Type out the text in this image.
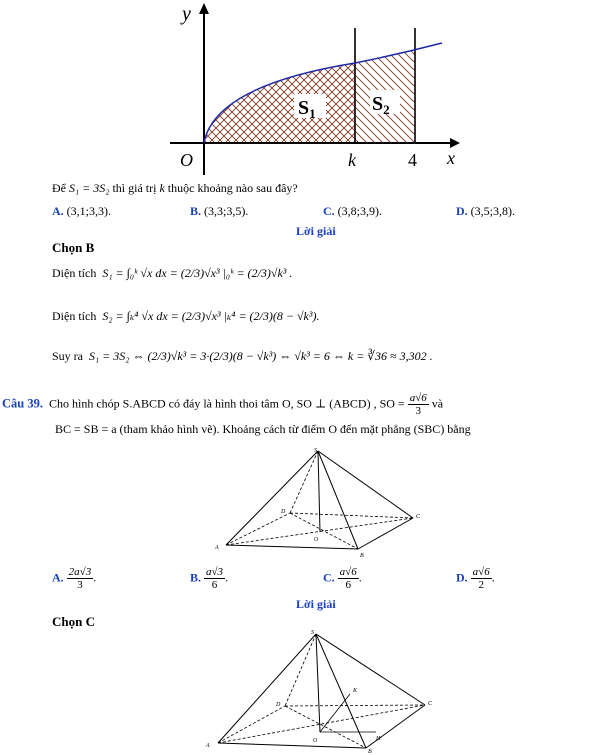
y
x
O	k	4
$S_1$	$S_2$
Để S₁ = 3S₂ thì giá trị k thuộc khoảng nào sau đây?
A. (3,1;3,3).	B. (3,3;3,5).	C. (3,8;3,9).	D. (3,5;3,8).
Lời giải
Chọn B
Diện tích S₁ = ∫₀ᵏ √x dx = (2/3)√x³ |₀ᵏ = (2/3)√k³ .
Diện tích S₂ = ∫ₖ⁴ √x dx = (2/3)√x³ |ₖ⁴ = (2/3)(8 − √k³).
Suy ra S₁ = 3S₂ ⇔ (2/3)√k³ = 3·(2/3)(8 − √k³) ⇔ √k³ = 6 ⇔ k = ∛36 ≈ 3,302 .
Câu 39. Cho hình chóp S.ABCD có đáy là hình thoi tâm O, SO ⊥ (ABCD) , SO = $\frac{a√6}{3}$ và
BC = SB = a (tham khảo hình vẽ). Khoảng cách từ điểm O đến mặt phẳng (SBC) bằng
S
A
B
C
D
O
A. $\frac{2a√3}{3}$ .	B. $\frac{a√3}{6}$ .	C. $\frac{a√6}{6}$ .	D. $\frac{a√6}{2}$ .
Lời giải
Chọn C
S
A
B
C
D
O
K
H
